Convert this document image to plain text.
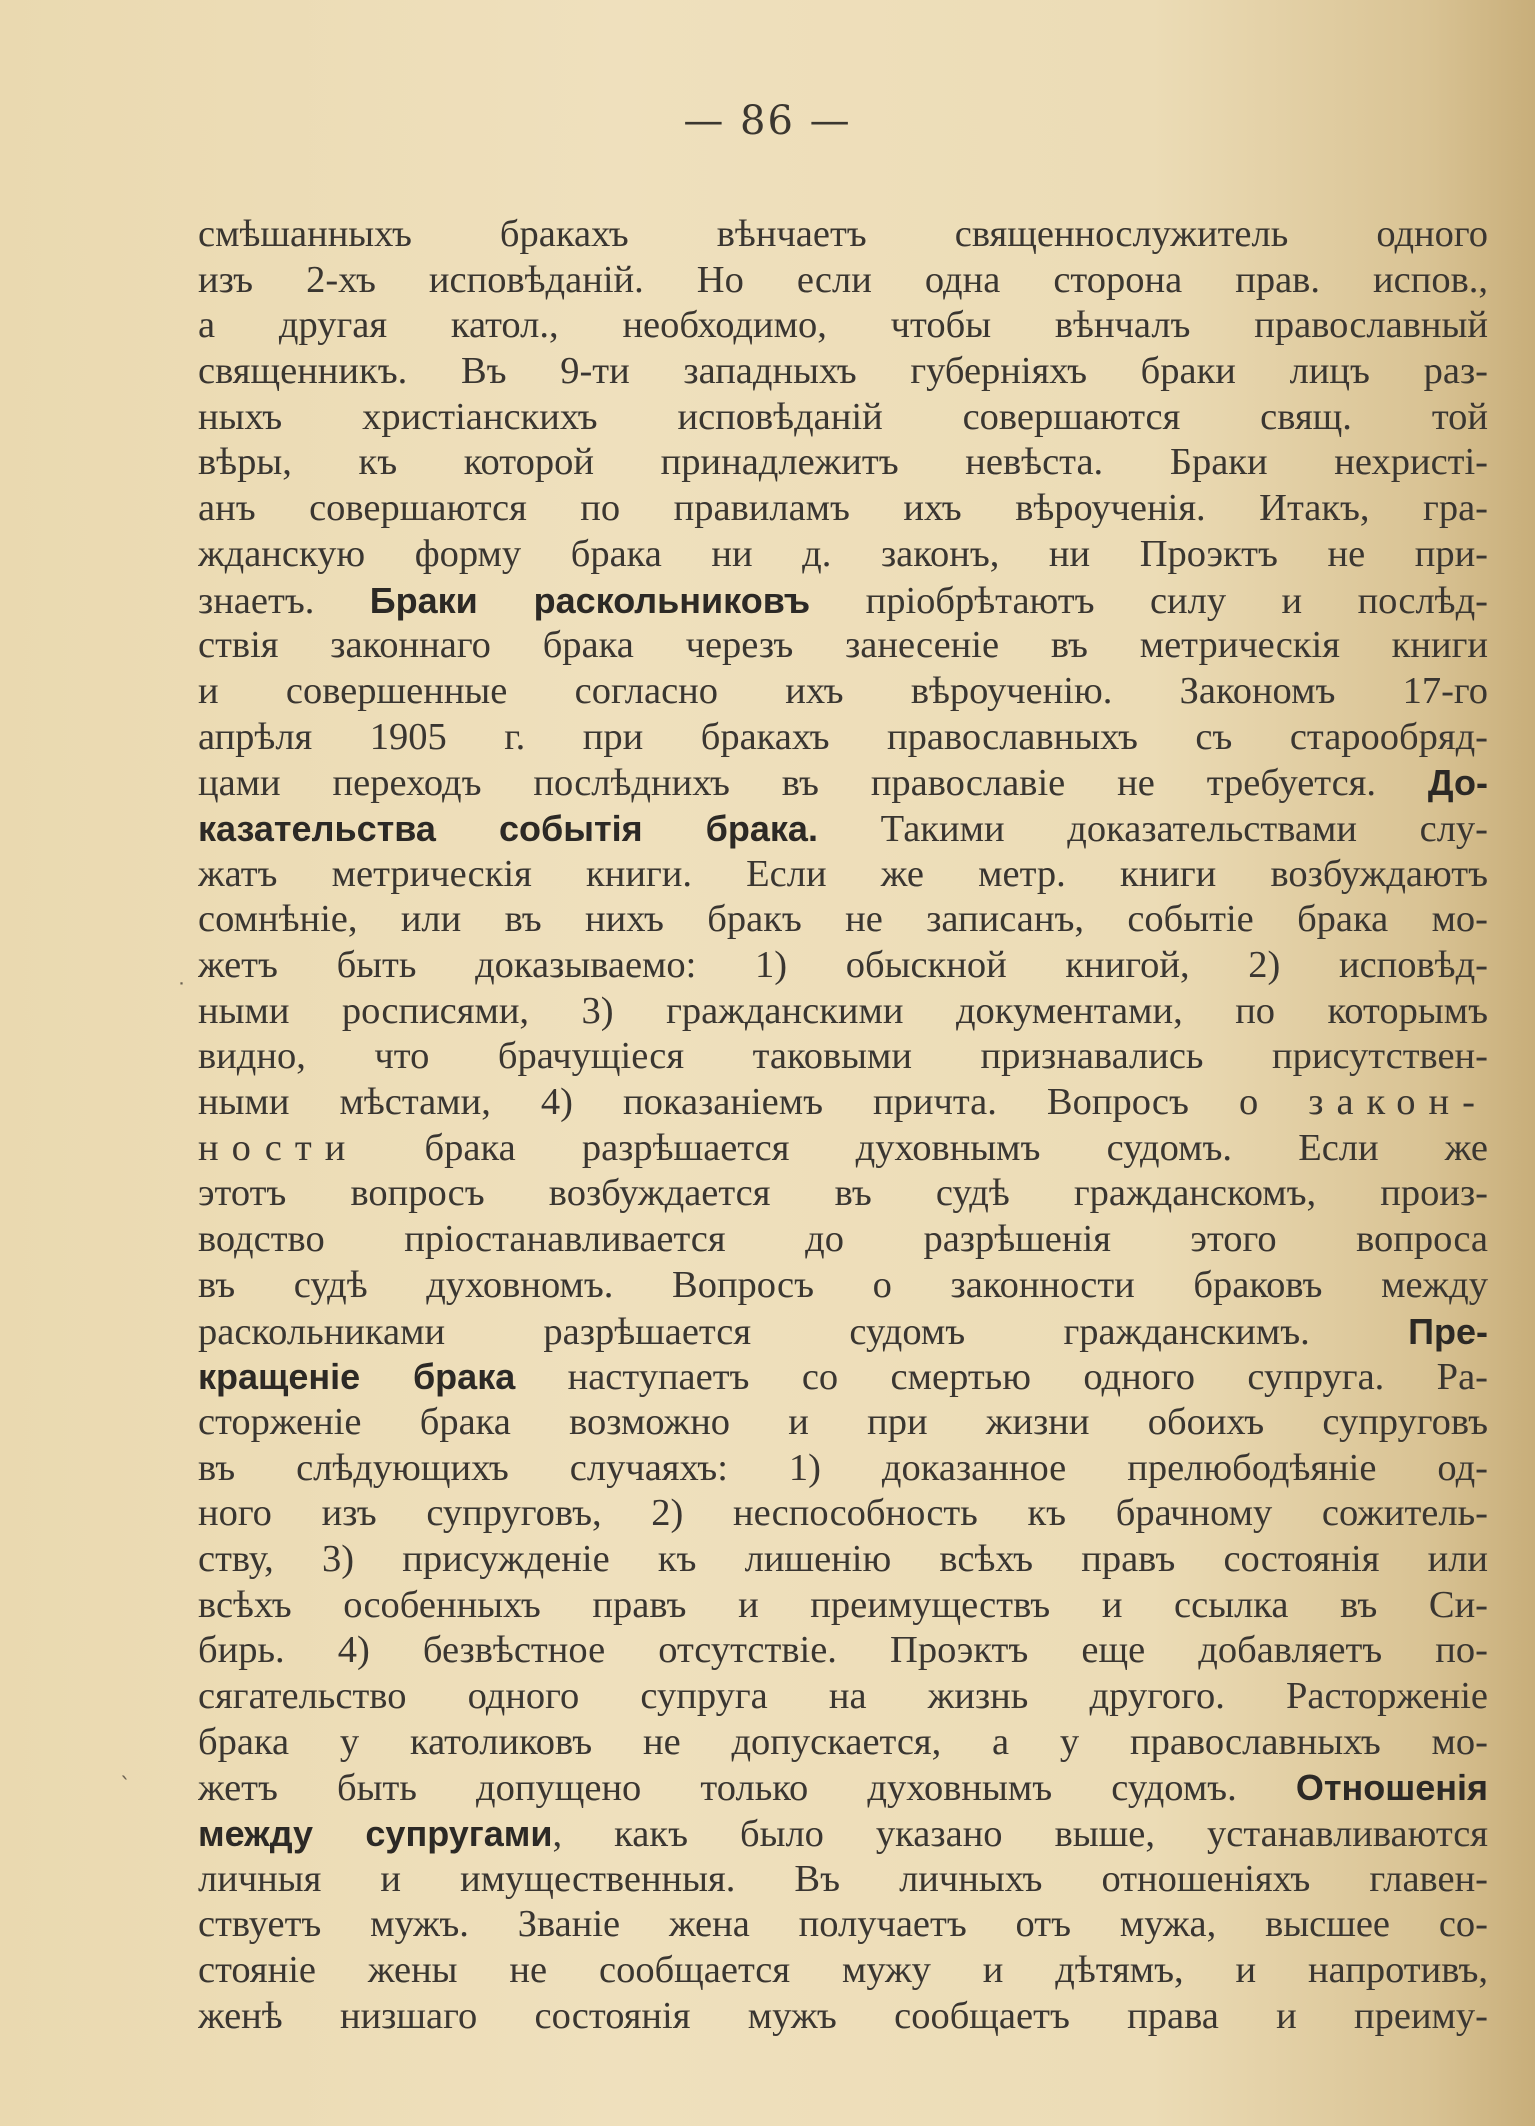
— 86 —
смѣшанныхъ бракахъ вѣнчаетъ священнослужитель одного
изъ 2-хъ исповѣданій. Но если одна сторона прав. испов.,
а другая катол., необходимо, чтобы вѣнчалъ православный
священникъ. Въ 9-ти западныхъ губерніяхъ браки лицъ раз-
ныхъ христіанскихъ исповѣданій совершаются свящ. той
вѣры, къ которой принадлежитъ невѣста. Браки нехристі-
анъ совершаются по правиламъ ихъ вѣроученія. Итакъ, гра-
жданскую форму брака ни д. законъ, ни Проэктъ не при-
знаетъ. Браки раскольниковъ пріобрѣтаютъ силу и послѣд-
ствія законнаго брака черезъ занесеніе въ метрическія книги
и совершенные согласно ихъ вѣроученію. Закономъ 17-го
апрѣля 1905 г. при бракахъ православныхъ съ старообряд-
цами переходъ послѣднихъ въ православіе не требуется. До-
казательства событія брака. Такими доказательствами слу-
жатъ метрическія книги. Если же метр. книги возбуждаютъ
сомнѣніе, или въ нихъ бракъ не записанъ, событіе брака мо-
жетъ быть доказываемо: 1) обыскной книгой, 2) исповѣд-
ными росписями, 3) гражданскими документами, по которымъ
видно, что брачущіеся таковыми признавались присутствен-
ными мѣстами, 4) показаніемъ причта. Вопросъ о закон-
ности брака разрѣшается духовнымъ судомъ. Если же
этотъ вопросъ возбуждается въ судѣ гражданскомъ, произ-
водство пріостанавливается до разрѣшенія этого вопроса
въ судѣ духовномъ. Вопросъ о законности браковъ между
раскольниками разрѣшается судомъ гражданскимъ. Пре-
кращеніе брака наступаетъ со смертью одного супруга. Ра-
сторженіе брака возможно и при жизни обоихъ супруговъ
въ слѣдующихъ случаяхъ: 1) доказанное прелюбодѣяніе од-
ного изъ супруговъ, 2) неспособность къ брачному сожитель-
ству, 3) присужденіе къ лишенію всѣхъ правъ состоянія или
всѣхъ особенныхъ правъ и преимуществъ и ссылка въ Си-
бирь. 4) безвѣстное отсутствіе. Проэктъ еще добавляетъ по-
сягательство одного супруга на жизнь другого. Расторженіе
брака у католиковъ не допускается, а у православныхъ мо-
жетъ быть допущено только духовнымъ судомъ. Отношенія
между супругами, какъ было указано выше, устанавливаются
личныя и имущественныя. Въ личныхъ отношеніяхъ главен-
ствуетъ мужъ. Званіе жена получаетъ отъ мужа, высшее со-
стояніе жены не сообщается мужу и дѣтямъ, и напротивъ,
женѣ низшаго состоянія мужъ сообщаетъ права и преиму-
˙
ˎ
